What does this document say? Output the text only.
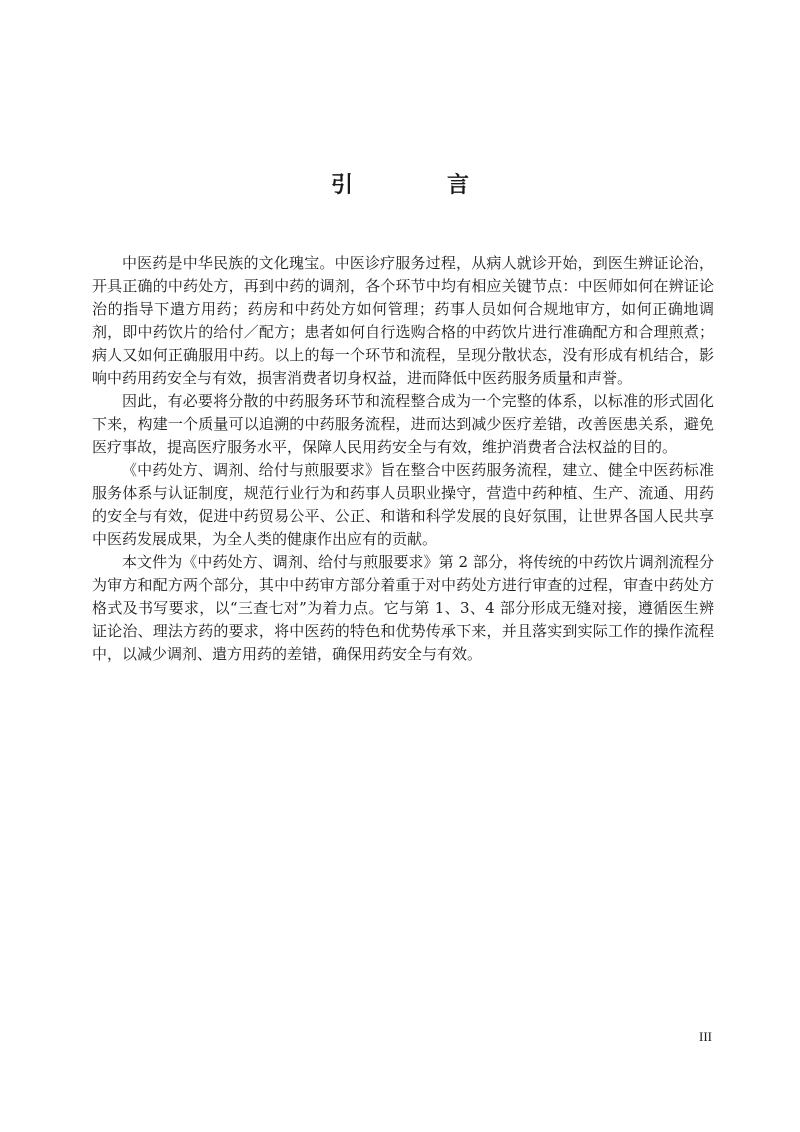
引　言

中医药是中华民族的文化瑰宝。中医诊疗服务过程，从病人就诊开始，到医生辨证论治，开具正确的中药处方，再到中药的调剂，各个环节中均有相应关键节点：中医师如何在辨证论治的指导下遣方用药；药房和中药处方如何管理；药事人员如何合规地审方，如何正确地调剂，即中药饮片的给付／配方；患者如何自行选购合格的中药饮片进行准确配方和合理煎煮；病人又如何正确服用中药。以上的每一个环节和流程，呈现分散状态，没有形成有机结合，影响中药用药安全与有效，损害消费者切身权益，进而降低中医药服务质量和声誉。

因此，有必要将分散的中药服务环节和流程整合成为一个完整的体系，以标准的形式固化下来，构建一个质量可以追溯的中药服务流程，进而达到减少医疗差错，改善医患关系，避免医疗事故，提高医疗服务水平，保障人民用药安全与有效，维护消费者合法权益的目的。

《中药处方、调剂、给付与煎服要求》旨在整合中医药服务流程，建立、健全中医药标准服务体系与认证制度，规范行业行为和药事人员职业操守，营造中药种植、生产、流通、用药的安全与有效，促进中药贸易公平、公正、和谐和科学发展的良好氛围，让世界各国人民共享中医药发展成果，为全人类的健康作出应有的贡献。

本文件为《中药处方、调剂、给付与煎服要求》第 2 部分，将传统的中药饮片调剂流程分为审方和配方两个部分，其中中药审方部分着重于对中药处方进行审查的过程，审查中药处方格式及书写要求，以“三查七对”为着力点。它与第 1、3、4 部分形成无缝对接，遵循医生辨证论治、理法方药的要求，将中医药的特色和优势传承下来，并且落实到实际工作的操作流程中，以减少调剂、遣方用药的差错，确保用药安全与有效。

III
